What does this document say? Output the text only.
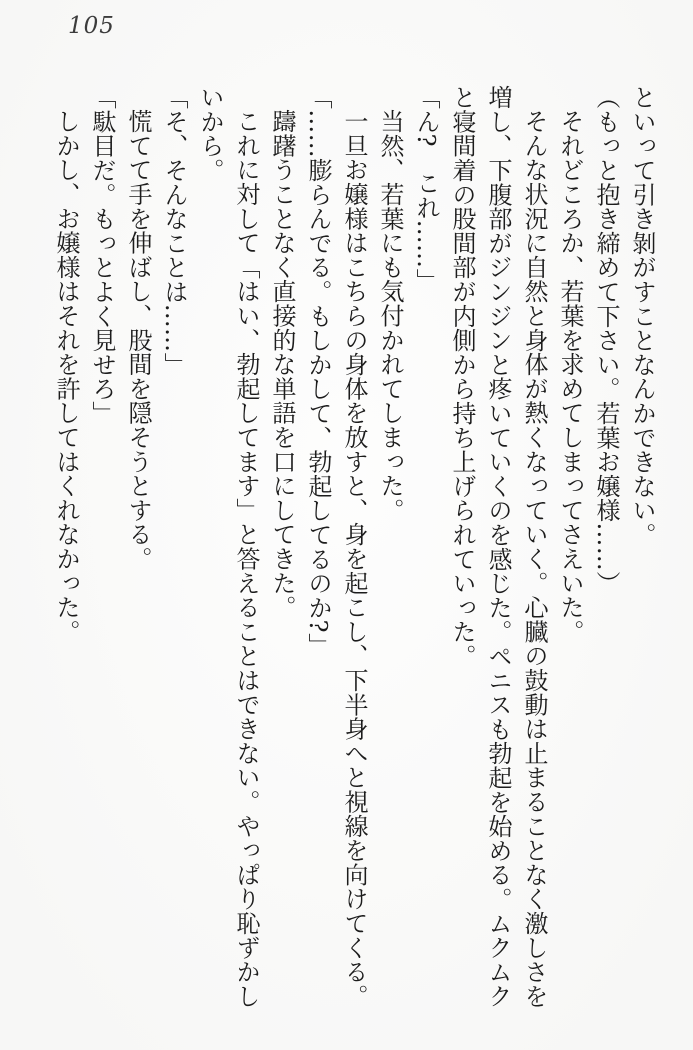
105
といって引き剝がすことなんかできない。
（もっと抱き締めて下さい。若葉お嬢様……）
それどころか、若葉を求めてしまってさえいた。
そんな状況に自然と身体が熱くなっていく。心臓の鼓動は止まることなく激しさを
増し、下腹部がジンジンと疼いていくのを感じた。ペニスも勃起を始める。ムクムク
と寝間着の股間部が内側から持ち上げられていった。
「ん?　これ……」
当然、若葉にも気付かれてしまった。
一旦お嬢様はこちらの身体を放すと、身を起こし、下半身へと視線を向けてくる。
「……膨らんでる。もしかして、勃起してるのか?」
躊躇うことなく直接的な単語を口にしてきた。
これに対して「はい、勃起してます」と答えることはできない。やっぱり恥ずかし
いから。
「そ、そんなことは……」
慌てて手を伸ばし、股間を隠そうとする。
「駄目だ。もっとよく見せろ」
しかし、お嬢様はそれを許してはくれなかった。
